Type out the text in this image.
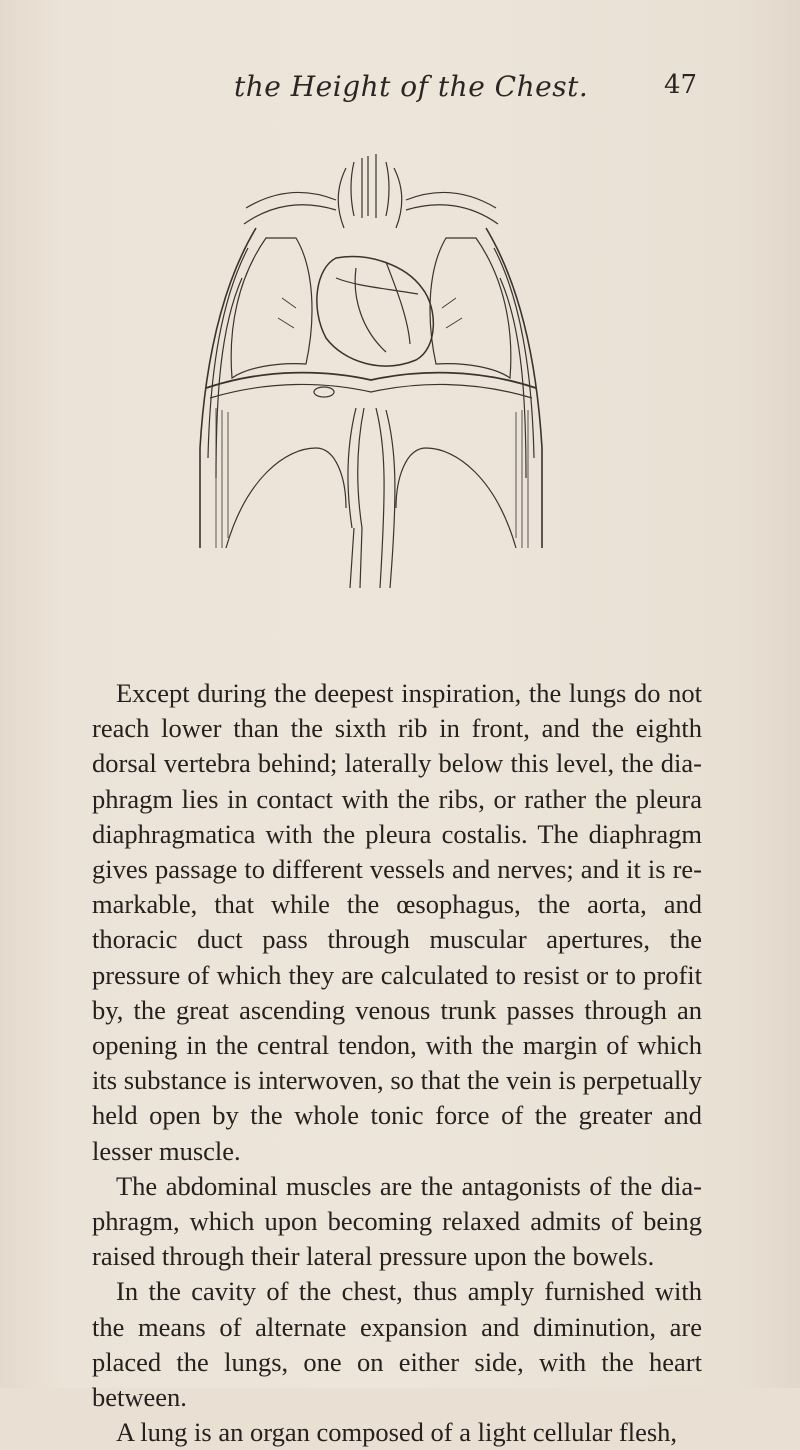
the Height of the Chest.	47

Except during the deepest inspiration, the lungs do not reach lower than the sixth rib in front, and the eighth dorsal vertebra behind; laterally below this level, the diaphragm lies in contact with the ribs, or rather the pleura diaphragmatica with the pleura costalis. The diaphragm gives passage to different vessels and nerves; and it is remarkable, that while the œsophagus, the aorta, and thoracic duct pass through muscular apertures, the pressure of which they are calculated to resist or to profit by, the great ascending venous trunk passes through an opening in the central tendon, with the margin of which its substance is interwoven, so that the vein is perpetually held open by the whole tonic force of the greater and lesser muscle.

The abdominal muscles are the antagonists of the diaphragm, which upon becoming relaxed admits of being raised through their lateral pressure upon the bowels.

In the cavity of the chest, thus amply furnished with the means of alternate expansion and diminution, are placed the lungs, one on either side, with the heart between.

A lung is an organ composed of a light cellular flesh,
